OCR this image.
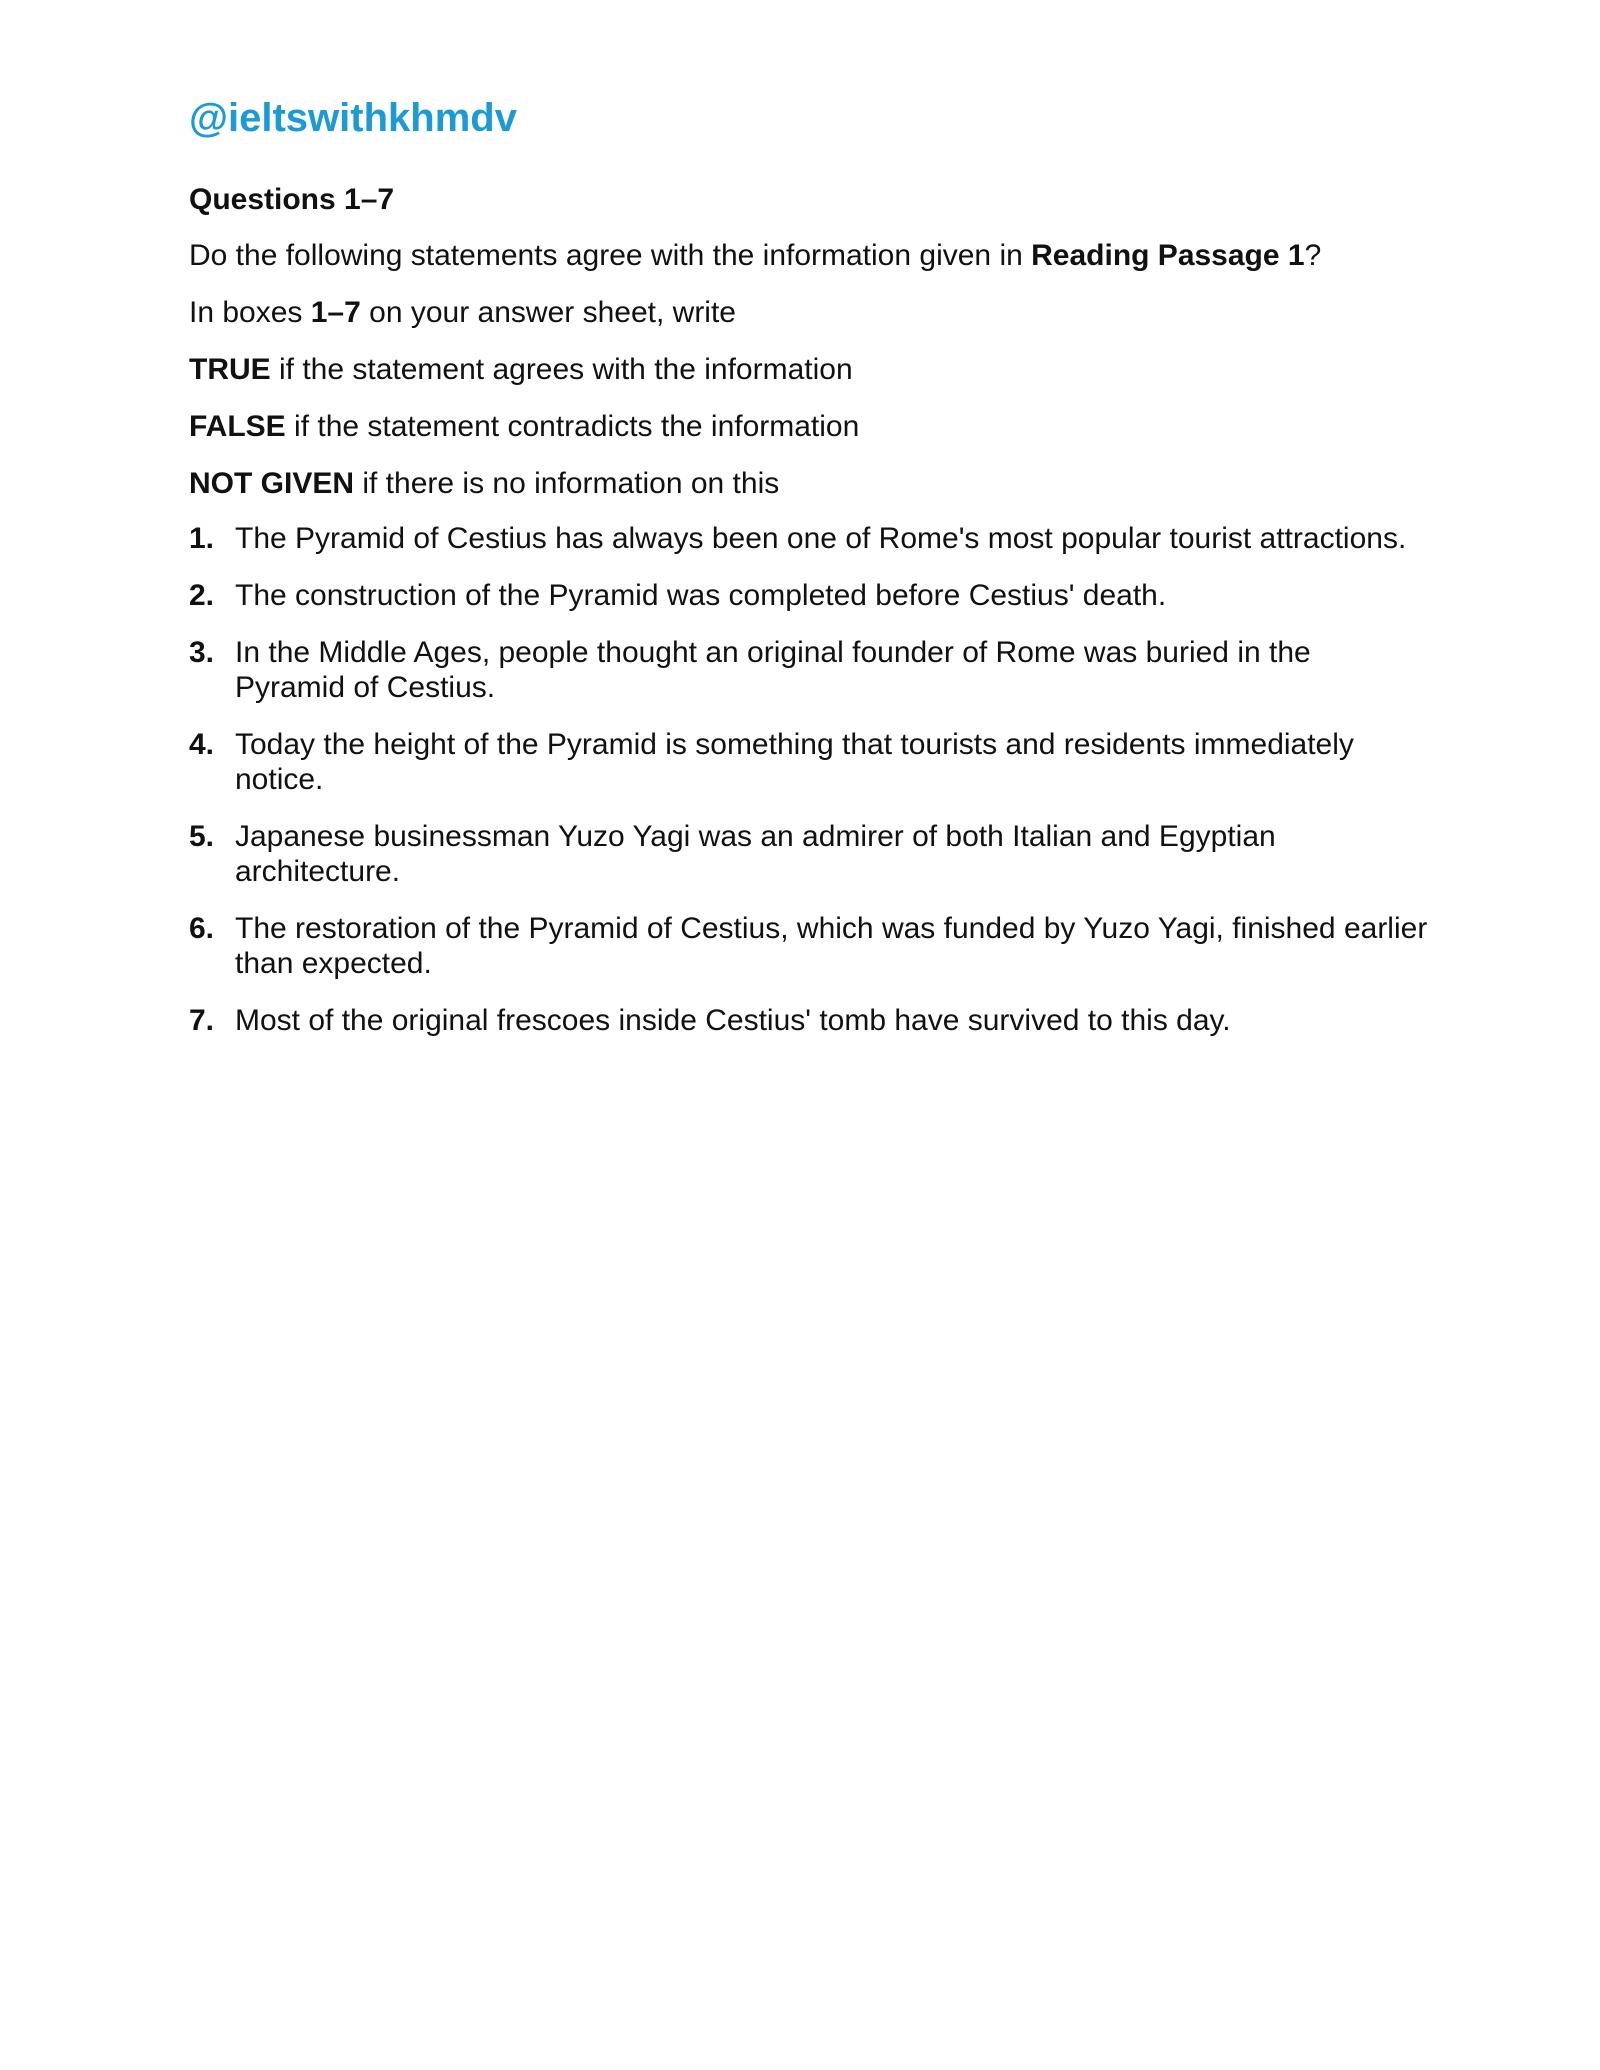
@ieltswithkhmdv
Questions 1–7

Do the following statements agree with the information given in Reading Passage 1?

In boxes 1–7 on your answer sheet, write

TRUE if the statement agrees with the information

FALSE if the statement contradicts the information

NOT GIVEN if there is no information on this

1. The Pyramid of Cestius has always been one of Rome's most popular tourist attractions.
2. The construction of the Pyramid was completed before Cestius' death.
3. In the Middle Ages, people thought an original founder of Rome was buried in the Pyramid of Cestius.
4. Today the height of the Pyramid is something that tourists and residents immediately notice.
5. Japanese businessman Yuzo Yagi was an admirer of both Italian and Egyptian architecture.
6. The restoration of the Pyramid of Cestius, which was funded by Yuzo Yagi, finished earlier than expected.
7. Most of the original frescoes inside Cestius' tomb have survived to this day.
